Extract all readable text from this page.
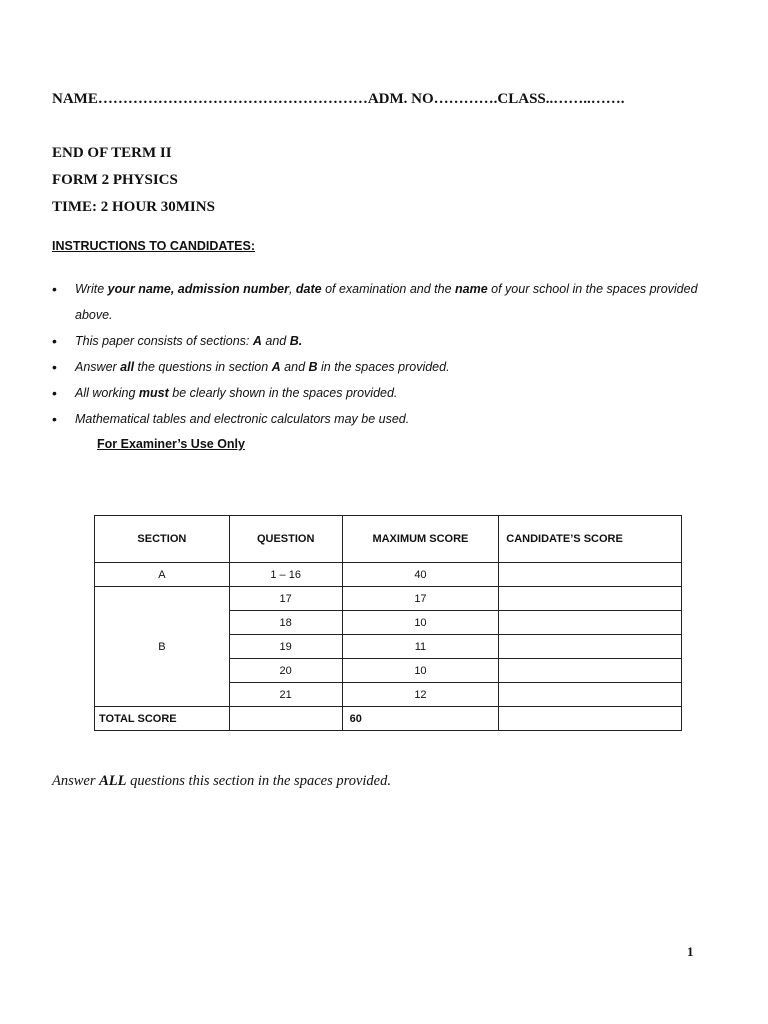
NAME………………………………………………ADM. NO………….CLASS..……..…….
END OF TERM II
FORM 2 PHYSICS
TIME: 2 HOUR 30MINS
INSTRUCTIONS TO CANDIDATES:
• Write your name, admission number, date of examination and the name of your school in the spaces provided above.
• This paper consists of sections: A and B.
• Answer all the questions in section A and B in the spaces provided.
• All working must be clearly shown in the spaces provided.
• Mathematical tables and electronic calculators may be used.
For Examiner’s Use Only
SECTION	QUESTION	MAXIMUM SCORE	CANDIDATE’S SCORE
A	1 – 16	40	
B	17	17	
	18	10	
	19	11	
	20	10	
	21	12	
TOTAL SCORE		60	
Answer ALL questions this section in the spaces provided.
1
